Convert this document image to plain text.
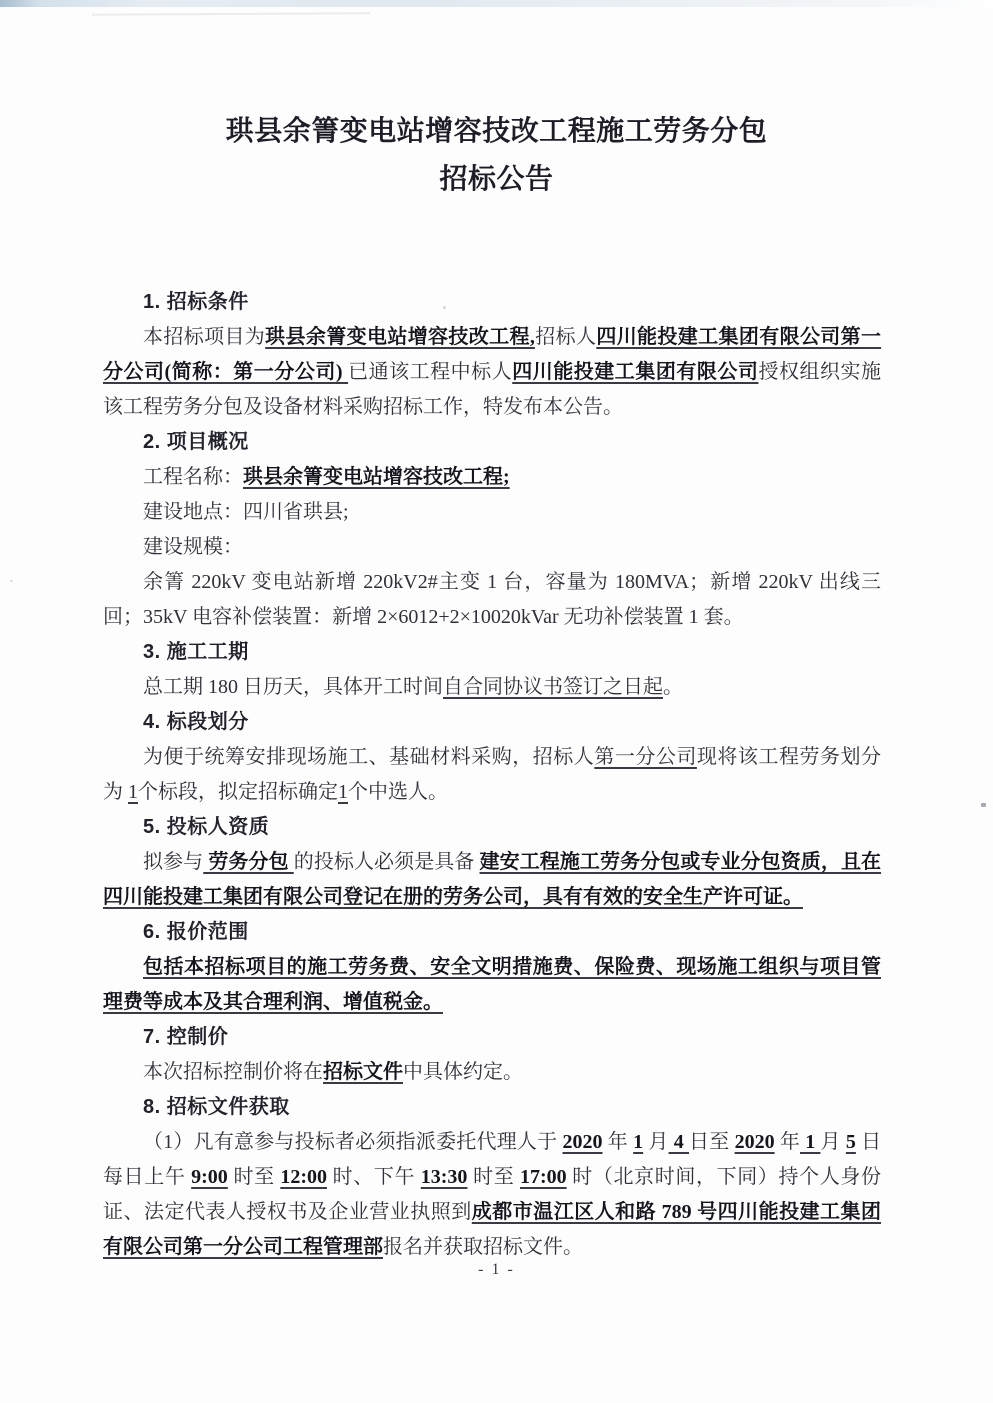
珙县余箐变电站增容技改工程施工劳务分包
招标公告

1. 招标条件

本招标项目为珙县余箐变电站增容技改工程,招标人四川能投建工集团有限公司第一分公司(简称：第一分公司) 已通该工程中标人四川能投建工集团有限公司授权组织实施该工程劳务分包及设备材料采购招标工作，特发布本公告。

2. 项目概况

工程名称：珙县余箐变电站增容技改工程;

建设地点：四川省珙县;

建设规模：

余箐 220kV 变电站新增 220kV2#主变 1 台，容量为 180MVA；新增 220kV 出线三回；35kV 电容补偿装置：新增 2×6012+2×10020kVar 无功补偿装置 1 套。

3. 施工工期

总工期 180 日历天，具体开工时间自合同协议书签订之日起。

4. 标段划分

为便于统筹安排现场施工、基础材料采购，招标人第一分公司现将该工程劳务划分为 1个标段，拟定招标确定1个中选人。

5. 投标人资质

拟参与 劳务分包 的投标人必须是具备 建安工程施工劳务分包或专业分包资质，且在四川能投建工集团有限公司登记在册的劳务公司，具有有效的安全生产许可证。

6. 报价范围

包括本招标项目的施工劳务费、安全文明措施费、保险费、现场施工组织与项目管理费等成本及其合理利润、增值税金。

7. 控制价

本次招标控制价将在招标文件中具体约定。

8. 招标文件获取

（1）凡有意参与投标者必须指派委托代理人于 2020 年 1 月 4 日至 2020 年 1 月 5 日每日上午 9:00 时至 12:00 时、下午 13:30 时至 17:00 时（北京时间，下同）持个人身份证、法定代表人授权书及企业营业执照到成都市温江区人和路 789 号四川能投建工集团有限公司第一分公司工程管理部报名并获取招标文件。

- 1 -
